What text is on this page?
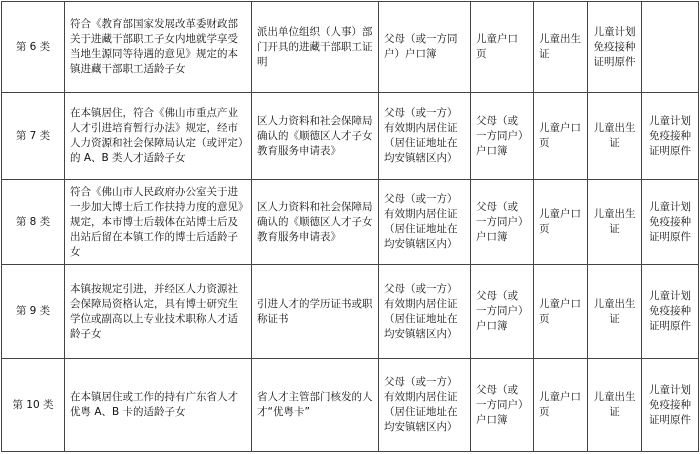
第 6 类	符合《教育部国家发展改革委财政部关于进藏干部职工子女内地就学享受当地生源同等待遇的意见》规定的本镇进藏干部职工适龄子女	派出单位组织（人事）部门开具的进藏干部职工证明	父母（或一方同户）户口簿	儿童户口页	儿童出生证	儿童计划免疫接种证明原件	
第 7 类	在本镇居住，符合《佛山市重点产业人才引进培育暂行办法》规定，经市人力资源和社会保障局认定（或评定）的 A、B 类人才适龄子女	区人力资料和社会保障局确认的《顺德区人才子女教育服务申请表》	父母（或一方）有效期内居住证（居住证地址在均安镇辖区内）	父母（或一方同户）户口簿	儿童户口页	儿童出生证	儿童计划免疫接种证明原件
第 8 类	符合《佛山市人民政府办公室关于进一步加大博士后工作扶持力度的意见》规定，本市博士后载体在站博士后及出站后留在本镇工作的博士后适龄子女	区人力资料和社会保障局确认的《顺德区人才子女教育服务申请表》	父母（或一方）有效期内居住证（居住证地址在均安镇辖区内）	父母（或一方同户）户口簿	儿童户口页	儿童出生证	儿童计划免疫接种证明原件
第 9 类	本镇按规定引进，并经区人力资源社会保障局资格认定，具有博士研究生学位或副高以上专业技术职称人才适龄子女	引进人才的学历证书或职称证书	父母（或一方）有效期内居住证（居住证地址在均安镇辖区内）	父母（或一方同户）户口簿	儿童户口页	儿童出生证	儿童计划免疫接种证明原件
第 10 类	在本镇居住或工作的持有广东省人才优粤 A、B 卡的适龄子女	省人才主管部门核发的人才“优粤卡”	父母（或一方）有效期内居住证（居住证地址在均安镇辖区内）	父母（或一方同户）户口簿	儿童户口页	儿童出生证	儿童计划免疫接种证明原件
